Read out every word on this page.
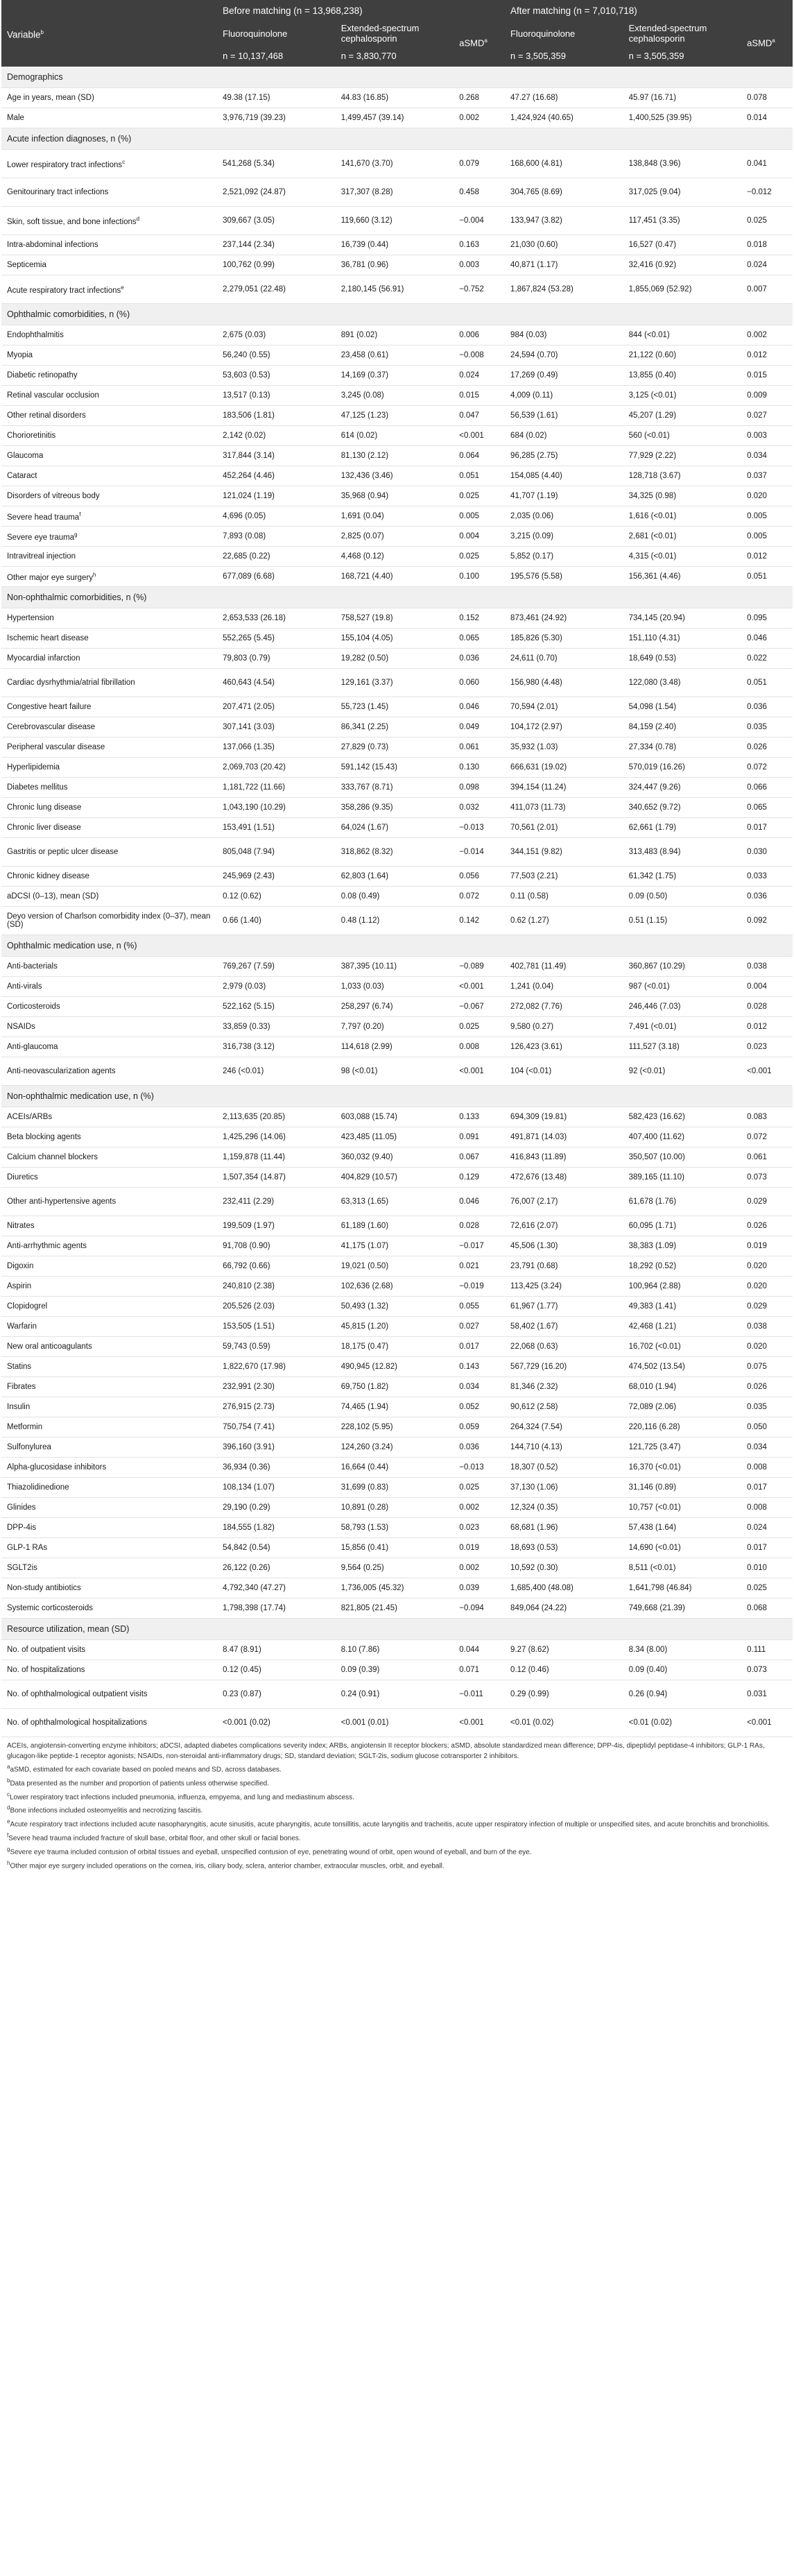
Variable$^b$	Before matching (n = 13,968,238)			After matching (n = 7,010,718)		
	Fluoroquinolone	Extended-spectrum cephalosporin	aSMD$^a$	Fluoroquinolone	Extended-spectrum cephalosporin	aSMD$^a$
	n = 10,137,468	n = 3,830,770		n = 3,505,359	n = 3,505,359	
Demographics						
Age in years, mean (SD)	49.38 (17.15)	44.83 (16.85)	0.268	47.27 (16.68)	45.97 (16.71)	0.078
Male	3,976,719 (39.23)	1,499,457 (39.14)	0.002	1,424,924 (40.65)	1,400,525 (39.95)	0.014
Acute infection diagnoses, n (%)						
Lower respiratory tract infections$^c$	541,268 (5.34)	141,670 (3.70)	0.079	168,600 (4.81)	138,848 (3.96)	0.041
Genitourinary tract infections	2,521,092 (24.87)	317,307 (8.28)	0.458	304,765 (8.69)	317,025 (9.04)	−0.012
Skin, soft tissue, and bone infections$^d$	309,667 (3.05)	119,660 (3.12)	−0.004	133,947 (3.82)	117,451 (3.35)	0.025
Intra-abdominal infections	237,144 (2.34)	16,739 (0.44)	0.163	21,030 (0.60)	16,527 (0.47)	0.018
Septicemia	100,762 (0.99)	36,781 (0.96)	0.003	40,871 (1.17)	32,416 (0.92)	0.024
Acute respiratory tract infections$^e$	2,279,051 (22.48)	2,180,145 (56.91)	−0.752	1,867,824 (53.28)	1,855,069 (52.92)	0.007
Ophthalmic comorbidities, n (%)						
Endophthalmitis	2,675 (0.03)	891 (0.02)	0.006	984 (0.03)	844 (<0.01)	0.002
Myopia	56,240 (0.55)	23,458 (0.61)	−0.008	24,594 (0.70)	21,122 (0.60)	0.012
Diabetic retinopathy	53,603 (0.53)	14,169 (0.37)	0.024	17,269 (0.49)	13,855 (0.40)	0.015
Retinal vascular occlusion	13,517 (0.13)	3,245 (0.08)	0.015	4,009 (0.11)	3,125 (<0.01)	0.009
Other retinal disorders	183,506 (1.81)	47,125 (1.23)	0.047	56,539 (1.61)	45,207 (1.29)	0.027
Chorioretinitis	2,142 (0.02)	614 (0.02)	<0.001	684 (0.02)	560 (<0.01)	0.003
Glaucoma	317,844 (3.14)	81,130 (2.12)	0.064	96,285 (2.75)	77,929 (2.22)	0.034
Cataract	452,264 (4.46)	132,436 (3.46)	0.051	154,085 (4.40)	128,718 (3.67)	0.037
Disorders of vitreous body	121,024 (1.19)	35,968 (0.94)	0.025	41,707 (1.19)	34,325 (0.98)	0.020
Severe head trauma$^f$	4,696 (0.05)	1,691 (0.04)	0.005	2,035 (0.06)	1,616 (<0.01)	0.005
Severe eye trauma$^g$	7,893 (0.08)	2,825 (0.07)	0.004	3,215 (0.09)	2,681 (<0.01)	0.005
Intravitreal injection	22,685 (0.22)	4,468 (0.12)	0.025	5,852 (0.17)	4,315 (<0.01)	0.012
Other major eye surgery$^h$	677,089 (6.68)	168,721 (4.40)	0.100	195,576 (5.58)	156,361 (4.46)	0.051
Non-ophthalmic comorbidities, n (%)						
Hypertension	2,653,533 (26.18)	758,527 (19.8)	0.152	873,461 (24.92)	734,145 (20.94)	0.095
Ischemic heart disease	552,265 (5.45)	155,104 (4.05)	0.065	185,826 (5.30)	151,110 (4.31)	0.046
Myocardial infarction	79,803 (0.79)	19,282 (0.50)	0.036	24,611 (0.70)	18,649 (0.53)	0.022
Cardiac dysrhythmia/atrial fibrillation	460,643 (4.54)	129,161 (3.37)	0.060	156,980 (4.48)	122,080 (3.48)	0.051
Congestive heart failure	207,471 (2.05)	55,723 (1.45)	0.046	70,594 (2.01)	54,098 (1.54)	0.036
Cerebrovascular disease	307,141 (3.03)	86,341 (2.25)	0.049	104,172 (2.97)	84,159 (2.40)	0.035
Peripheral vascular disease	137,066 (1.35)	27,829 (0.73)	0.061	35,932 (1.03)	27,334 (0.78)	0.026
Hyperlipidemia	2,069,703 (20.42)	591,142 (15.43)	0.130	666,631 (19.02)	570,019 (16.26)	0.072
Diabetes mellitus	1,181,722 (11.66)	333,767 (8.71)	0.098	394,154 (11.24)	324,447 (9.26)	0.066
Chronic lung disease	1,043,190 (10.29)	358,286 (9.35)	0.032	411,073 (11.73)	340,652 (9.72)	0.065
Chronic liver disease	153,491 (1.51)	64,024 (1.67)	−0.013	70,561 (2.01)	62,661 (1.79)	0.017
Gastritis or peptic ulcer disease	805,048 (7.94)	318,862 (8.32)	−0.014	344,151 (9.82)	313,483 (8.94)	0.030
Chronic kidney disease	245,969 (2.43)	62,803 (1.64)	0.056	77,503 (2.21)	61,342 (1.75)	0.033
aDCSI (0–13), mean (SD)	0.12 (0.62)	0.08 (0.49)	0.072	0.11 (0.58)	0.09 (0.50)	0.036
Deyo version of Charlson comorbidity index (0–37), mean (SD)	0.66 (1.40)	0.48 (1.12)	0.142	0.62 (1.27)	0.51 (1.15)	0.092
Ophthalmic medication use, n (%)						
Anti-bacterials	769,267 (7.59)	387,395 (10.11)	−0.089	402,781 (11.49)	360,867 (10.29)	0.038
Anti-virals	2,979 (0.03)	1,033 (0.03)	<0.001	1,241 (0.04)	987 (<0.01)	0.004
Corticosteroids	522,162 (5.15)	258,297 (6.74)	−0.067	272,082 (7.76)	246,446 (7.03)	0.028
NSAIDs	33,859 (0.33)	7,797 (0.20)	0.025	9,580 (0.27)	7,491 (<0.01)	0.012
Anti-glaucoma	316,738 (3.12)	114,618 (2.99)	0.008	126,423 (3.61)	111,527 (3.18)	0.023
Anti-neovascularization agents	246 (<0.01)	98 (<0.01)	<0.001	104 (<0.01)	92 (<0.01)	<0.001
Non-ophthalmic medication use, n (%)						
ACEIs/ARBs	2,113,635 (20.85)	603,088 (15.74)	0.133	694,309 (19.81)	582,423 (16.62)	0.083
Beta blocking agents	1,425,296 (14.06)	423,485 (11.05)	0.091	491,871 (14.03)	407,400 (11.62)	0.072
Calcium channel blockers	1,159,878 (11.44)	360,032 (9.40)	0.067	416,843 (11.89)	350,507 (10.00)	0.061
Diuretics	1,507,354 (14.87)	404,829 (10.57)	0.129	472,676 (13.48)	389,165 (11.10)	0.073
Other anti-hypertensive agents	232,411 (2.29)	63,313 (1.65)	0.046	76,007 (2.17)	61,678 (1.76)	0.029
Nitrates	199,509 (1.97)	61,189 (1.60)	0.028	72,616 (2.07)	60,095 (1.71)	0.026
Anti-arrhythmic agents	91,708 (0.90)	41,175 (1.07)	−0.017	45,506 (1.30)	38,383 (1.09)	0.019
Digoxin	66,792 (0.66)	19,021 (0.50)	0.021	23,791 (0.68)	18,292 (0.52)	0.020
Aspirin	240,810 (2.38)	102,636 (2.68)	−0.019	113,425 (3.24)	100,964 (2.88)	0.020
Clopidogrel	205,526 (2.03)	50,493 (1.32)	0.055	61,967 (1.77)	49,383 (1.41)	0.029
Warfarin	153,505 (1.51)	45,815 (1.20)	0.027	58,402 (1.67)	42,468 (1.21)	0.038
New oral anticoagulants	59,743 (0.59)	18,175 (0.47)	0.017	22,068 (0.63)	16,702 (<0.01)	0.020
Statins	1,822,670 (17.98)	490,945 (12.82)	0.143	567,729 (16.20)	474,502 (13.54)	0.075
Fibrates	232,991 (2.30)	69,750 (1.82)	0.034	81,346 (2.32)	68,010 (1.94)	0.026
Insulin	276,915 (2.73)	74,465 (1.94)	0.052	90,612 (2.58)	72,089 (2.06)	0.035
Metformin	750,754 (7.41)	228,102 (5.95)	0.059	264,324 (7.54)	220,116 (6.28)	0.050
Sulfonylurea	396,160 (3.91)	124,260 (3.24)	0.036	144,710 (4.13)	121,725 (3.47)	0.034
Alpha-glucosidase inhibitors	36,934 (0.36)	16,664 (0.44)	−0.013	18,307 (0.52)	16,370 (<0.01)	0.008
Thiazolidinedione	108,134 (1.07)	31,699 (0.83)	0.025	37,130 (1.06)	31,146 (0.89)	0.017
Glinides	29,190 (0.29)	10,891 (0.28)	0.002	12,324 (0.35)	10,757 (<0.01)	0.008
DPP-4is	184,555 (1.82)	58,793 (1.53)	0.023	68,681 (1.96)	57,438 (1.64)	0.024
GLP-1 RAs	54,842 (0.54)	15,856 (0.41)	0.019	18,693 (0.53)	14,690 (<0.01)	0.017
SGLT2is	26,122 (0.26)	9,564 (0.25)	0.002	10,592 (0.30)	8,511 (<0.01)	0.010
Non-study antibiotics	4,792,340 (47.27)	1,736,005 (45.32)	0.039	1,685,400 (48.08)	1,641,798 (46.84)	0.025
Systemic corticosteroids	1,798,398 (17.74)	821,805 (21.45)	−0.094	849,064 (24.22)	749,668 (21.39)	0.068
Resource utilization, mean (SD)						
No. of outpatient visits	8.47 (8.91)	8.10 (7.86)	0.044	9.27 (8.62)	8.34 (8.00)	0.111
No. of hospitalizations	0.12 (0.45)	0.09 (0.39)	0.071	0.12 (0.46)	0.09 (0.40)	0.073
No. of ophthalmological outpatient visits	0.23 (0.87)	0.24 (0.91)	−0.011	0.29 (0.99)	0.26 (0.94)	0.031
No. of ophthalmological hospitalizations	<0.001 (0.02)	<0.001 (0.01)	<0.001	<0.01 (0.02)	<0.01 (0.02)	<0.001

ACEIs, angiotensin-converting enzyme inhibitors; aDCSI, adapted diabetes complications severity index; ARBs, angiotensin II receptor blockers; aSMD, absolute standardized mean difference; DPP-4is, dipeptidyl peptidase-4 inhibitors; GLP-1 RAs, glucagon-like peptide-1 receptor agonists; NSAIDs, non-steroidal anti-inflammatory drugs; SD, standard deviation; SGLT-2is, sodium glucose cotransporter 2 inhibitors.

$^a$aSMD, estimated for each covariate based on pooled means and SD, across databases.

$^b$Data presented as the number and proportion of patients unless otherwise specified.

$^c$Lower respiratory tract infections included pneumonia, influenza, empyema, and lung and mediastinum abscess.

$^d$Bone infections included osteomyelitis and necrotizing fasciitis.

$^e$Acute respiratory tract infections included acute nasopharyngitis, acute sinusitis, acute pharyngitis, acute tonsillitis, acute laryngitis and tracheitis, acute upper respiratory infection of multiple or unspecified sites, and acute bronchitis and bronchiolitis.

$^f$Severe head trauma included fracture of skull base, orbital floor, and other skull or facial bones.

$^g$Severe eye trauma included contusion of orbital tissues and eyeball, unspecified contusion of eye, penetrating wound of orbit, open wound of eyeball, and burn of the eye.

$^h$Other major eye surgery included operations on the cornea, iris, ciliary body, sclera, anterior chamber, extraocular muscles, orbit, and eyeball.
